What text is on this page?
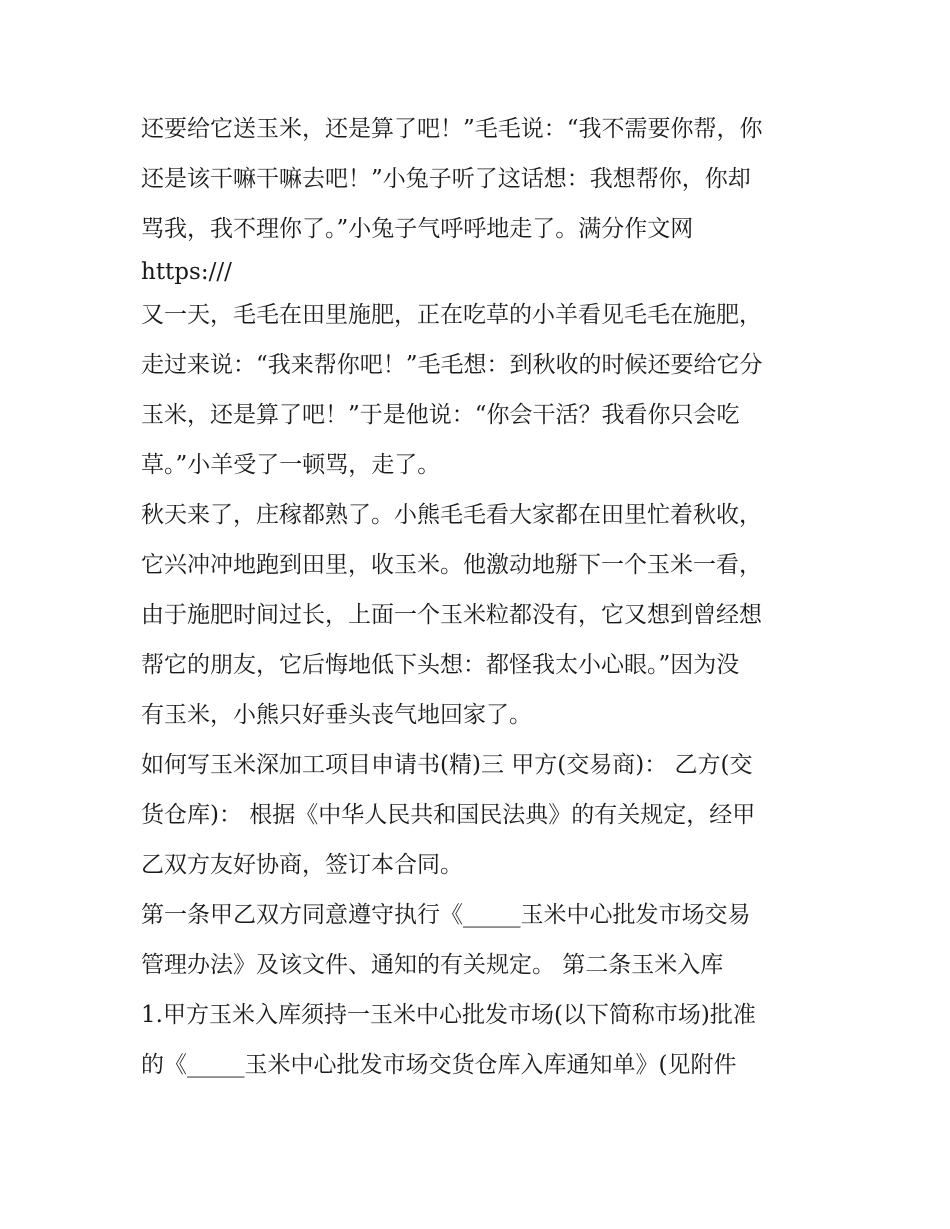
还要给它送玉米，还是算了吧！”毛毛说：“我不需要你帮，你
还是该干嘛干嘛去吧！”小兔子听了这话想：我想帮你，你却
骂我，我不理你了。”小兔子气呼呼地走了。满分作文网
https:///
又一天，毛毛在田里施肥，正在吃草的小羊看见毛毛在施肥，
走过来说：“我来帮你吧！”毛毛想：到秋收的时候还要给它分
玉米，还是算了吧！”于是他说：“你会干活？我看你只会吃
草。”小羊受了一顿骂，走了。
秋天来了，庄稼都熟了。小熊毛毛看大家都在田里忙着秋收，
它兴冲冲地跑到田里，收玉米。他激动地掰下一个玉米一看，
由于施肥时间过长，上面一个玉米粒都没有，它又想到曾经想
帮它的朋友，它后悔地低下头想：都怪我太小心眼。”因为没
有玉米，小熊只好垂头丧气地回家了。
如何写玉米深加工项目申请书(精)三 甲方(交易商)： 乙方(交
货仓库)： 根据《中华人民共和国民法典》的有关规定，经甲
乙双方友好协商，签订本合同。
第一条甲乙双方同意遵守执行《_____玉米中心批发市场交易
管理办法》及该文件、通知的有关规定。 第二条玉米入库
1.甲方玉米入库须持一玉米中心批发市场(以下简称市场)批准
的《_____玉米中心批发市场交货仓库入库通知单》(见附件
